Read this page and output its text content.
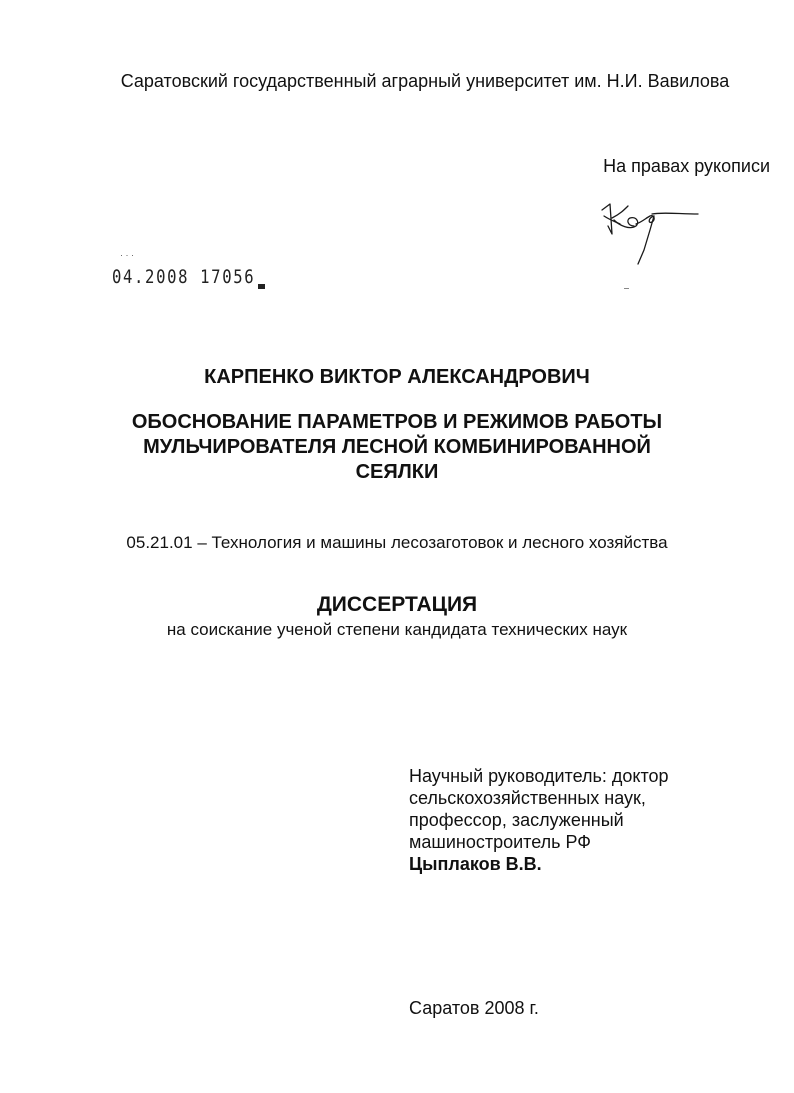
Саратовский государственный аграрный университет им. Н.И. Вавилова
На правах рукописи
· · ·
04.2008 17056
КАРПЕНКО ВИКТОР АЛЕКСАНДРОВИЧ
ОБОСНОВАНИЕ ПАРАМЕТРОВ И РЕЖИМОВ РАБОТЫ
МУЛЬЧИРОВАТЕЛЯ ЛЕСНОЙ КОМБИНИРОВАННОЙ
СЕЯЛКИ
05.21.01 – Технология и машины лесозаготовок и лесного хозяйства
ДИССЕРТАЦИЯ
на соискание ученой степени кандидата технических наук
Научный руководитель: доктор
сельскохозяйственных наук,
профессор, заслуженный
машиностроитель РФ
Цыплаков В.В.
Саратов 2008 г.
